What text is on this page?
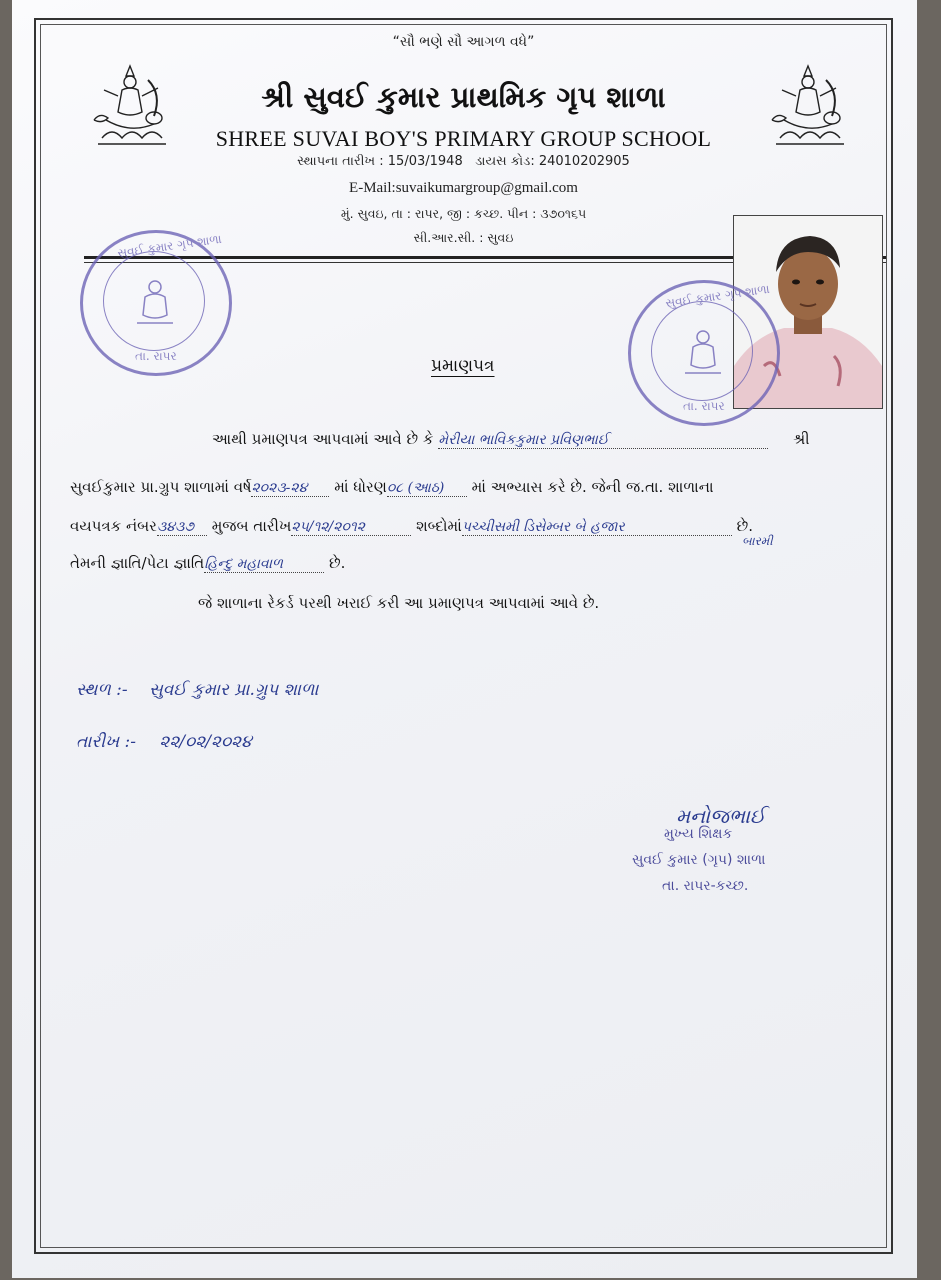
“સૌ ભણે સૌ આગળ વધે”
શ્રી સુવઈ કુમાર પ્રાથમિક ગૃપ શાળા
SHREE SUVAI BOY'S PRIMARY GROUP SCHOOL
સ્થાપના તારીખ : 15/03/1948 ડાયસ કોડ: 24010202905
E-Mail:suvaikumargroup@gmail.com
મું. સુવઇ, તા : રાપર, જી : કચ્છ. પીન : ૩૭૦૧૬૫
સી.આર.સી. : સુવઇ
સુવઈ કુમાર ગૃપ શાળા
તા. રાપર
સુવઈ કુમાર ગૃપ શાળા
તા. રાપર
પ્રમાણપત્ર
આથી પ્રમાણપત્ર આપવામાં આવે છે કે મેરીયા ભાવિકકુમાર પ્રવિણભાઈ	શ્રી
સુવઈકુમાર પ્રા.ગ્રુપ શાળામાં વર્ષ૨૦૨૩-૨૪ માં ધોરણ૦૮ (આઠ) માં અભ્યાસ કરે છે. જેની જ.તા. શાળાના
વયપત્રક નંબર૩૪૩૭ મુજબ તારીખ૨૫/૧૨/૨૦૧૨	શબ્દોમાંપચ્ચીસમી ડિસેમ્બર બે હજાર	છે.
બારમી
તેમની જ્ઞાતિ/પેટા જ્ઞાતિહિન્દુ મહાવાળ	છે.
જે શાળાના રેકર્ડ પરથી ખરાઈ કરી આ પ્રમાણપત્ર આપવામાં આવે છે.
સ્થળ :- સુવઈ કુમાર પ્રા.ગ્રુપ શાળા
તારીખ :- ૨૨/૦૨/૨૦૨૪
મનોજભાઈ
મુખ્ય શિક્ષક
સુવઈ કુમાર (ગૃપ) શાળા
તા. રાપર-કચ્છ.
